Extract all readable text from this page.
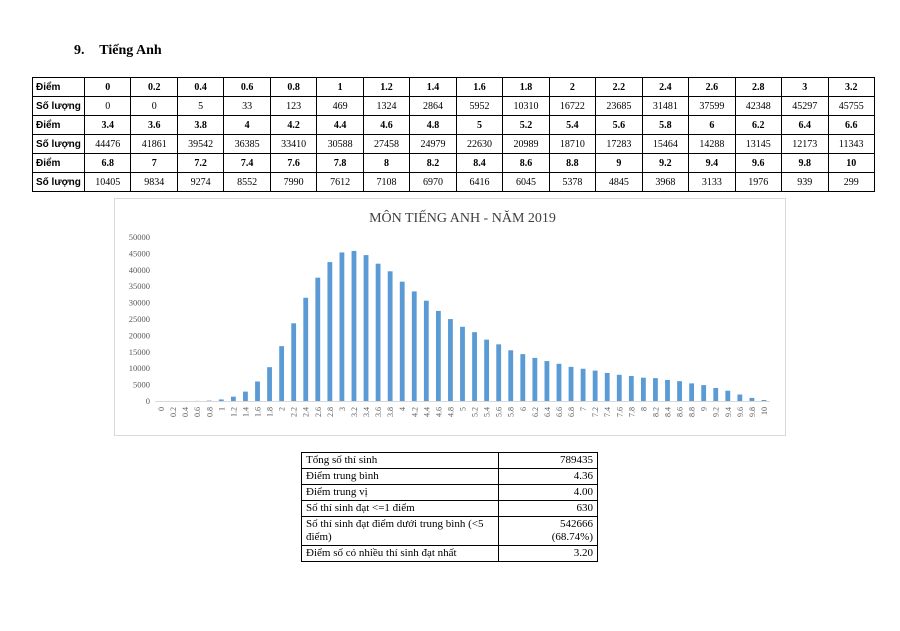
9. Tiếng Anh
Điểm	0	0.2	0.4	0.6	0.8	1	1.2	1.4	1.6	1.8	2	2.2	2.4	2.6	2.8	3	3.2
Số lượng	0	0	5	33	123	469	1324	2864	5952	10310	16722	23685	31481	37599	42348	45297	45755
Điểm	3.4	3.6	3.8	4	4.2	4.4	4.6	4.8	5	5.2	5.4	5.6	5.8	6	6.2	6.4	6.6
Số lượng	44476	41861	39542	36385	33410	30588	27458	24979	22630	20989	18710	17283	15464	14288	13145	12173	11343
Điểm	6.8	7	7.2	7.4	7.6	7.8	8	8.2	8.4	8.6	8.8	9	9.2	9.4	9.6	9.8	10
Số lượng	10405	9834	9274	8552	7990	7612	7108	6970	6416	6045	5378	4845	3968	3133	1976	939	299
MÔN TIẾNG ANH - NĂM 2019
0
5000
10000
15000
20000
25000
30000
35000
40000
45000
50000
0 0.2 0.4 0.6 0.8 1 1.2 1.4 1.6 1.8 2 2.2 2.4 2.6 2.8 3 3.2 3.4 3.6 3.8 4 4.2 4.4 4.6 4.8 5 5.2 5.4 5.6 5.8 6 6.2 6.4 6.6 6.8 7 7.2 7.4 7.6 7.8 8 8.2 8.4 8.6 8.8 9 9.2 9.4 9.6 9.8 10
Tổng số thí sinh	789435

Điểm trung bình	4.36

Điểm trung vị	4.00

Số thí sinh đạt <=1 điểm	630

Số thí sinh đạt điểm dưới trung bình (<5 điểm)	542666
(68.74%)

Điểm số có nhiều thí sinh đạt nhất	3.20
